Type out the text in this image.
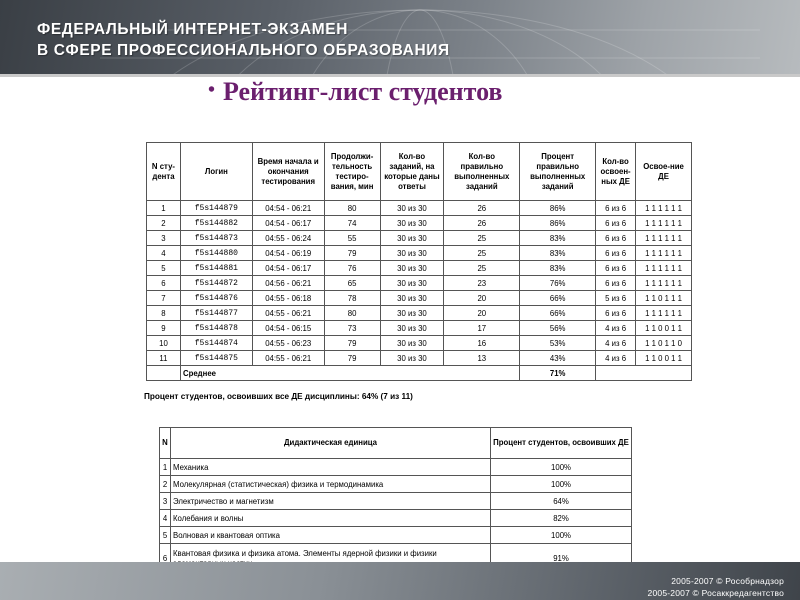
ФЕДЕРАЛЬНЫЙ ИНТЕРНЕТ-ЭКЗАМЕН
В СФЕРЕ ПРОФЕССИОНАЛЬНОГО ОБРАЗОВАНИЯ
• Рейтинг-лист студентов
N сту-дента	Логин	Время начала и окончания тестирования	Продолжи-тельность тестиро-вания, мин	Кол-во заданий, на которые даны ответы	Кол-во правильно выполненных заданий	Процент правильно выполненных заданий	Кол-во освоен-ных ДЕ	Освое-ние ДЕ
1	f5s144879	04:54 - 06:21	80	30 из 30	26	86%	6 из 6	1 1 1 1 1 1
2	f5s144882	04:54 - 06:17	74	30 из 30	26	86%	6 из 6	1 1 1 1 1 1
3	f5s144873	04:55 - 06:24	55	30 из 30	25	83%	6 из 6	1 1 1 1 1 1
4	f5s144880	04:54 - 06:19	79	30 из 30	25	83%	6 из 6	1 1 1 1 1 1
5	f5s144881	04:54 - 06:17	76	30 из 30	25	83%	6 из 6	1 1 1 1 1 1
6	f5s144872	04:56 - 06:21	65	30 из 30	23	76%	6 из 6	1 1 1 1 1 1
7	f5s144876	04:55 - 06:18	78	30 из 30	20	66%	5 из 6	1 1 0 1 1 1
8	f5s144877	04:55 - 06:21	80	30 из 30	20	66%	6 из 6	1 1 1 1 1 1
9	f5s144878	04:54 - 06:15	73	30 из 30	17	56%	4 из 6	1 1 0 0 1 1
10	f5s144874	04:55 - 06:23	79	30 из 30	16	53%	4 из 6	1 1 0 1 1 0
11	f5s144875	04:55 - 06:21	79	30 из 30	13	43%	4 из 6	1 1 0 0 1 1
	Среднее					71%		
Процент студентов, освоивших все ДЕ дисциплины: 64% (7 из 11)
N	Дидактическая единица	Процент студентов, освоивших ДЕ
1	Механика	100%
2	Молекулярная (статистическая) физика и термодинамика	100%
3	Электричество и магнетизм	64%
4	Колебания и волны	82%
5	Волновая и квантовая оптика	100%
6	Квантовая физика и физика атома. Элементы ядерной физики и физики	91%
2005-2007 © Рособрнадзор
2005-2007 © Росаккредагентство
